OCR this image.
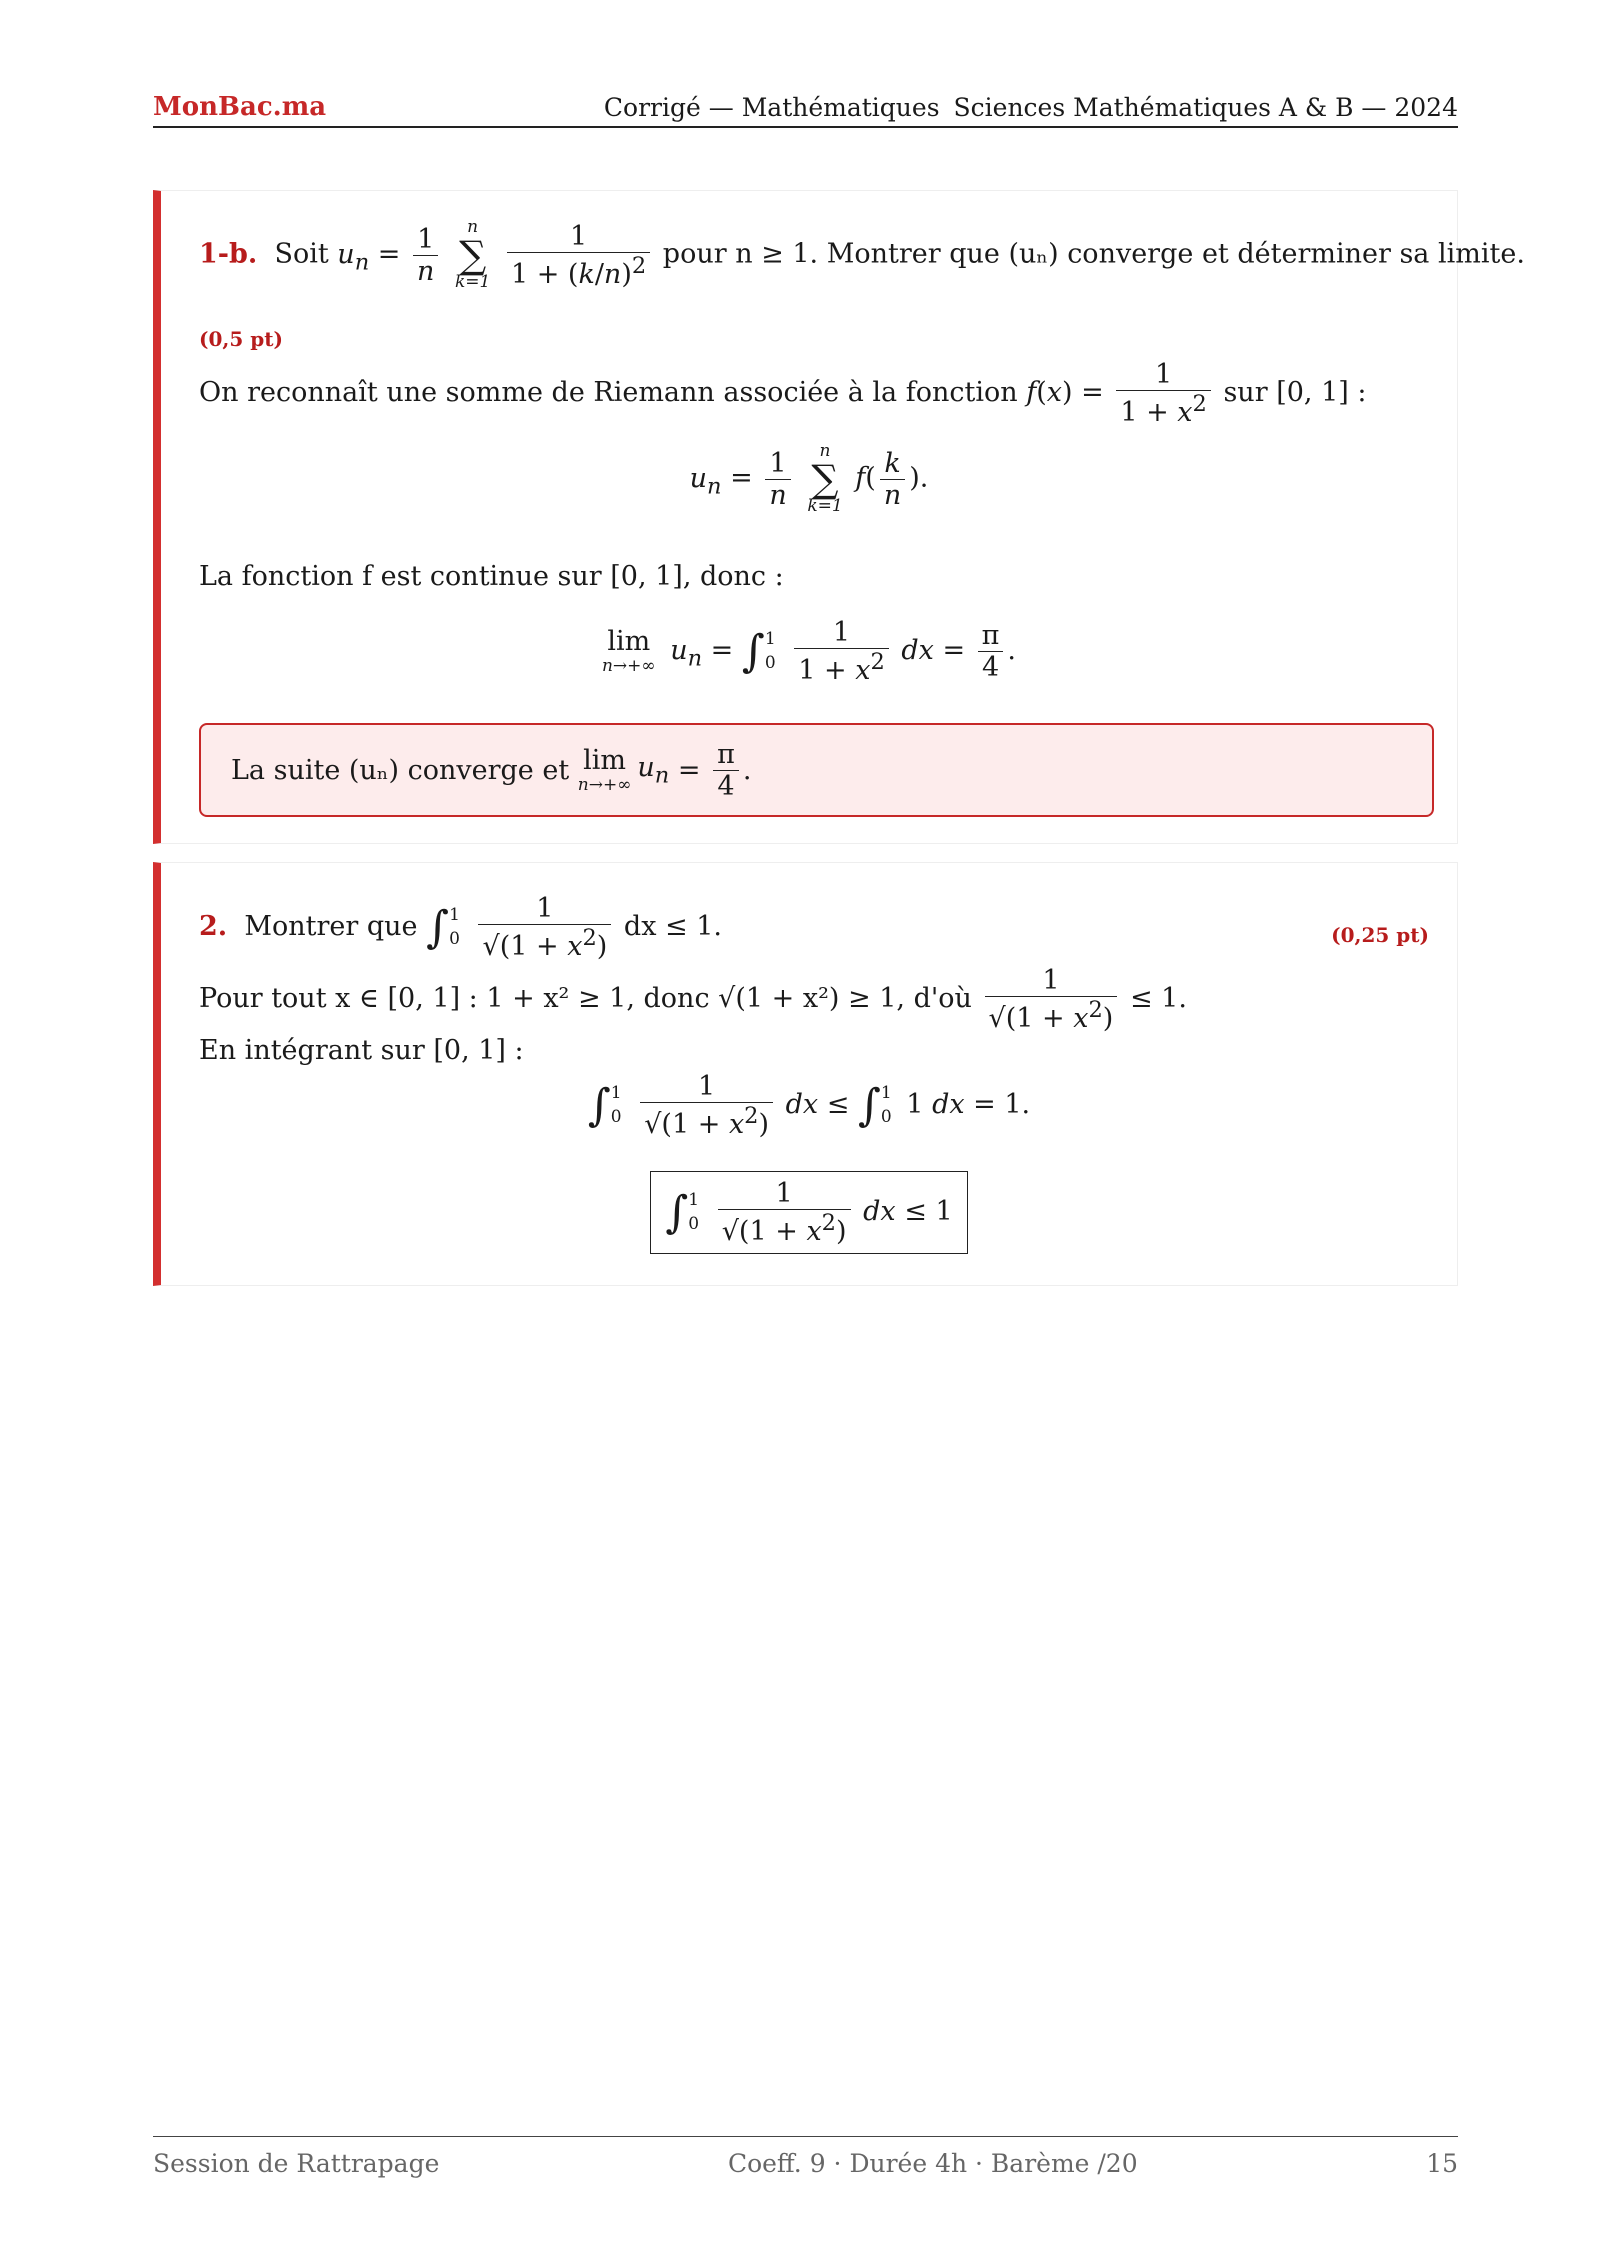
MonBac.ma	Corrigé — Mathématiques Sciences Mathématiques A & B — 2024
1-b. Soit $u_n = \frac{1}{n}$
	n
∑
k=1
$\frac{1}{1 + (k/n)^2}$ pour n ≥ 1. Montrer que (uₙ) converge et déterminer sa limite.
(0,5 pt)
On reconnaît une somme de Riemann associée à la fonction $f(x) = \frac{1}{1 + x^2}$ sur [0, 1] :
$u_n = \frac{1}{n}$
	n
∑
k=1
$f( \frac{k}{n}$ ).
La fonction f est continue sur [0, 1], donc :
lim
n→+∞
$u_n$ = ∫ 1
0
$\frac{1}{1 + x^2}$ dx = $\frac{\pi}{4}$ .
La suite (uₙ) converge et
lim
n→+∞
$u_n = \frac{\pi}{4}$ .
2. Montrer que ∫ 1
0
$\frac{1}{√(1 + x^2)}$ dx ≤ 1.	(0,25 pt)
Pour tout x ∈ [0, 1] : 1 + x² ≥ 1, donc √(1 + x²) ≥ 1, d'où $\frac{1}{√(1 + x^2)} \le 1$.
En intégrant sur [0, 1] :
∫ 1
0
$\frac{1}{√(1 + x^2)}$ dx ≤ ∫ 1
0 1 dx = 1.
∫ 1
0
$\frac{1}{√(1 + x^2)}$ dx ≤ 1
Session de Rattrapage	Coeff. 9 · Durée 4h · Barème /20	15
